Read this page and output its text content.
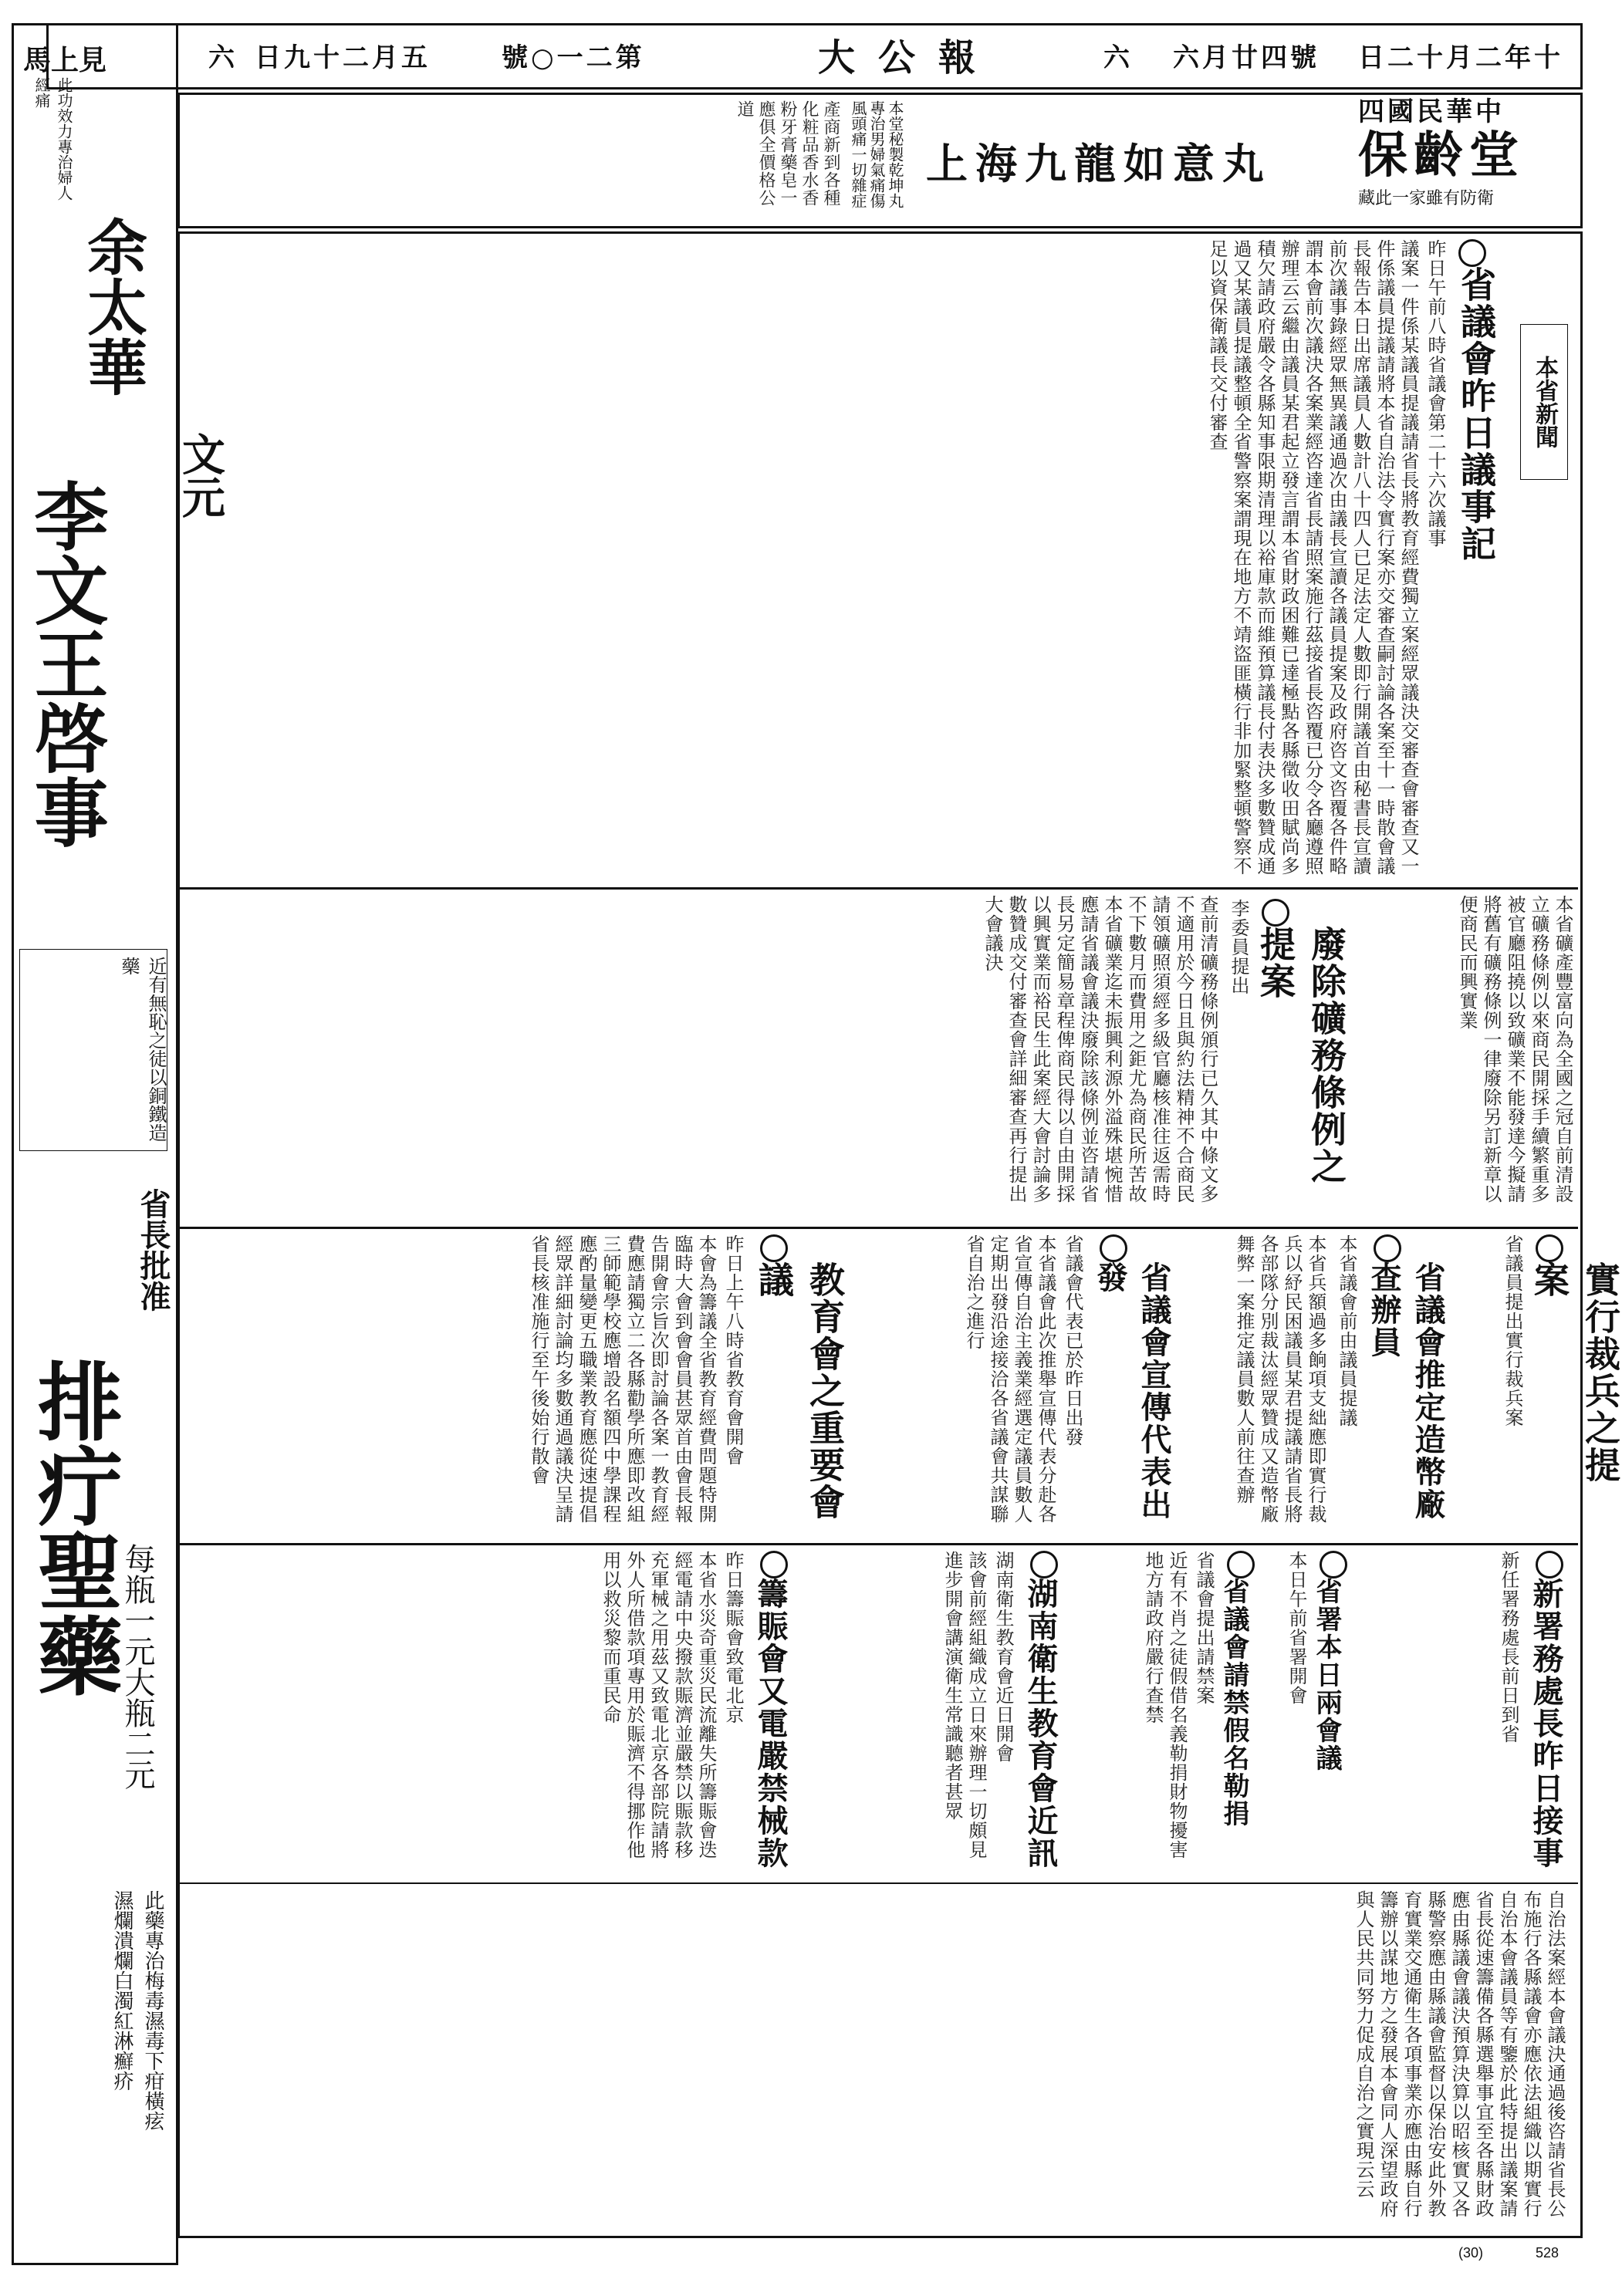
日二十月二年十四國民華中
六月廿四號
六
大公報
號○一二第
日九十二月五
六
保齡堂
藏此一家雖有防衛
上海九龍如意丸
本堂秘製乾坤丸專治男婦氣痛傷風頭痛一切雜症
產商新到各種化粧品香水香粉牙膏藥皂一應俱全價格公道
馬上見
此功效力專治婦人經痛
余太華
文元
李文王啓事
近有無恥之徒以銅鐵造藥
省長批准
排疔聖藥
每瓶一元大瓶二元
此藥專治梅毒濕毒下疳橫痃
濕爛潰爛白濁紅淋癬疥
本省新聞
省議會昨日議事記
昨日午前八時省議會第二十六次議事
議案一件係某議員提議請省長將教育經費獨立案經眾議決交審查會審查又一件係議員提議請將本省自治法令實行案亦交審查嗣討論各案至十一時散會議長報告本日出席議員人數計八十四人已足法定人數即行開議首由秘書長宣讀前次議事錄經眾無異議通過次由議長宣讀各議員提案及政府咨文咨覆各件略謂本會前次議決各案業經咨達省長請照案施行茲接省長咨覆已分令各廳遵照辦理云云繼由議員某君起立發言謂本省財政困難已達極點各縣徵收田賦尚多積欠請政府嚴令各縣知事限期清理以裕庫款而維預算議長付表決多數贊成通過又某議員提議整頓全省警察案謂現在地方不靖盜匪橫行非加緊整頓警察不足以資保衛議長交付審查
廢除礦務條例之提案
李委員提出	本省礦產豐富向為全國之冠自前清設立礦務條例以來商民開採手續繁重多被官廳阻撓以致礦業不能發達今擬請將舊有礦務條例一律廢除另訂新章以便商民而興實業
查前清礦務條例頒行已久其中條文多不適用於今日且與約法精神不合商民請領礦照須經多級官廳核准往返需時不下數月而費用之鉅尤為商民所苦故本省礦業迄未振興利源外溢殊堪惋惜應請省議會議決廢除該條例並咨請省長另定簡易章程俾商民得以自由開採以興實業而裕民生此案經大會討論多數贊成交付審查會詳細審查再行提出大會議決
實行裁兵之提案
省議員提出實行裁兵案
省議會推定造幣廠查辦員
本省議會前由議員提議
本省兵額過多餉項支絀應即實行裁兵以紓民困議員某君提議請省長將各部隊分別裁汰經眾贊成又造幣廠舞弊一案推定議員數人前往查辦
省議會宣傳代表出發
省議會代表已於昨日出發
本省議會此次推舉宣傳代表分赴各省宣傳自治主義業經選定議員數人定期出發沿途接洽各省議會共謀聯省自治之進行
教育會之重要會議
昨日上午八時省教育會開會
本會為籌議全省教育經費問題特開臨時大會到會會員甚眾首由會長報告開會宗旨次即討論各案一教育經費應請獨立二各縣勸學所應即改組三師範學校應增設名額四中學課程應酌量變更五職業教育應從速提倡經眾詳細討論均多數通過議決呈請省長核准施行至午後始行散會
湖南衛生教育會近訊
湖南衛生教育會近日開會
該會前經組織成立日來辦理一切頗見進步開會講演衛生常識聽者甚眾
籌賑會又電嚴禁械款
昨日籌賑會致電北京
本省水災奇重災民流離失所籌賑會迭經電請中央撥款賑濟並嚴禁以賑款移充軍械之用茲又致電北京各部院請將外人所借款項專用於賑濟不得挪作他用以救災黎而重民命	新署務處長昨日接事
新任署務處長前日到省
省署本日兩會議
本日午前省署開會
省議會請禁假名勒捐
省議會提出請禁案
近有不肖之徒假借名義勒捐財物擾害地方請政府嚴行查禁
自治法案經本會議決通過後咨請省長公布施行各縣議會亦應依法組織以期實行自治本會議員等有鑒於此特提出議案請省長從速籌備各縣選舉事宜至各縣財政應由縣議會議決預算決算以昭核實又各縣警察應由縣議會監督以保治安此外教育實業交通衛生各項事業亦應由縣自行籌辦以謀地方之發展本會同人深望政府與人民共同努力促成自治之實現云云
(30)	528
